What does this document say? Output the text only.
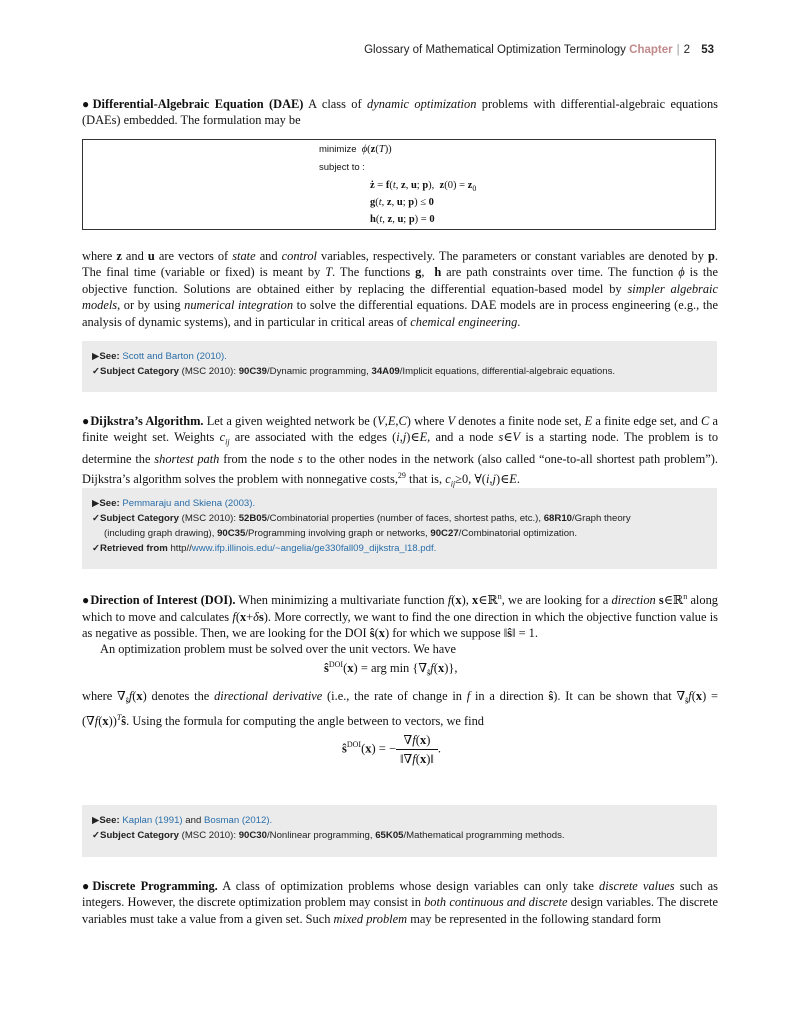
Glossary of Mathematical Optimization Terminology Chapter | 2 53
●Differential-Algebraic Equation (DAE) A class of dynamic optimization problems with differential-algebraic equations (DAEs) embedded. The formulation may be
minimize ϕ(z(T))
subject to :
ż = f(t, z, u; p),  $z(0) = z_0$
g(t, z, u; p) ≤ 0
h(t, z, u; p) = 0
where z and u are vectors of state and control variables, respectively. The parameters or constant variables are denoted by p. The final time (variable or fixed) is meant by T. The functions g,  h are path constraints over time. The function ϕ is the objective function. Solutions are obtained either by replacing the differential equation-based model by simpler algebraic models, or by using numerical integration to solve the differential equations. DAE models are in process engineering (e.g., the analysis of dynamic systems), and in particular in critical areas of chemical engineering.
▶See: Scott and Barton (2010).
✓Subject Category (MSC 2010): 90C39/Dynamic programming, 34A09/Implicit equations, differential-algebraic equations.
●Dijkstra’s Algorithm. Let a given weighted network be (V,E,C) where V denotes a finite node set, E a finite edge set, and C a finite weight set. Weights $c_{ij}$ are associated with the edges (i,j)∈E, and a node s∈V is a starting node. The problem is to determine the shortest path from the node s to the other nodes in the network (also called “one-to-all shortest path problem”). Dijkstra’s algorithm solves the problem with nonnegative costs,$^{29}$ that is, $c_{ij}\ge 0$, ∀(i,j)∈E.
▶See: Pemmaraju and Skiena (2003).
✓Subject Category (MSC 2010): 52B05/Combinatorial properties (number of faces, shortest paths, etc.), 68R10/Graph theory
(including graph drawing), 90C35/Programming involving graph or networks, 90C27/Combinatorial optimization.
✓Retrieved from http//www.ifp.illinois.edu/~angelia/ge330fall09_dijkstra_l18.pdf.
●Direction of Interest (DOI). When minimizing a multivariate function f(x), x∈ℝ$^n$, we are looking for a direction s∈ℝ$^n$ along which to move and calculates f(x+δs). More correctly, we want to find the one direction in which the objective function value is as negative as possible. Then, we are looking for the DOI ŝ(x) for which we suppose ‖ŝ‖ = 1.
An optimization problem must be solved over the unit vectors. We have
$ŝ^{DOI}(x)$ = arg $\min \{\nabla_ŝf(x)\}$,
where $\nabla_ŝf(x)$ denotes the directional derivative (i.e., the rate of change in f in a direction ŝ). It can be shown that $\nabla_ŝf(x)$ = $(\nabla f(x))^Tŝ$. Using the formula for computing the angle between to vectors, we find
$ŝ^{DOI}(x)$ = − $\frac{\nabla f(x)}{‖\nabla f(x)‖}$ .
▶See: Kaplan (1991) and Bosman (2012).
✓Subject Category (MSC 2010): 90C30/Nonlinear programming, 65K05/Mathematical programming methods.
●Discrete Programming. A class of optimization problems whose design variables can only take discrete values such as integers. However, the discrete optimization problem may consist in both continuous and discrete design variables. The discrete variables must take a value from a given set. Such mixed problem may be represented in the following standard form
